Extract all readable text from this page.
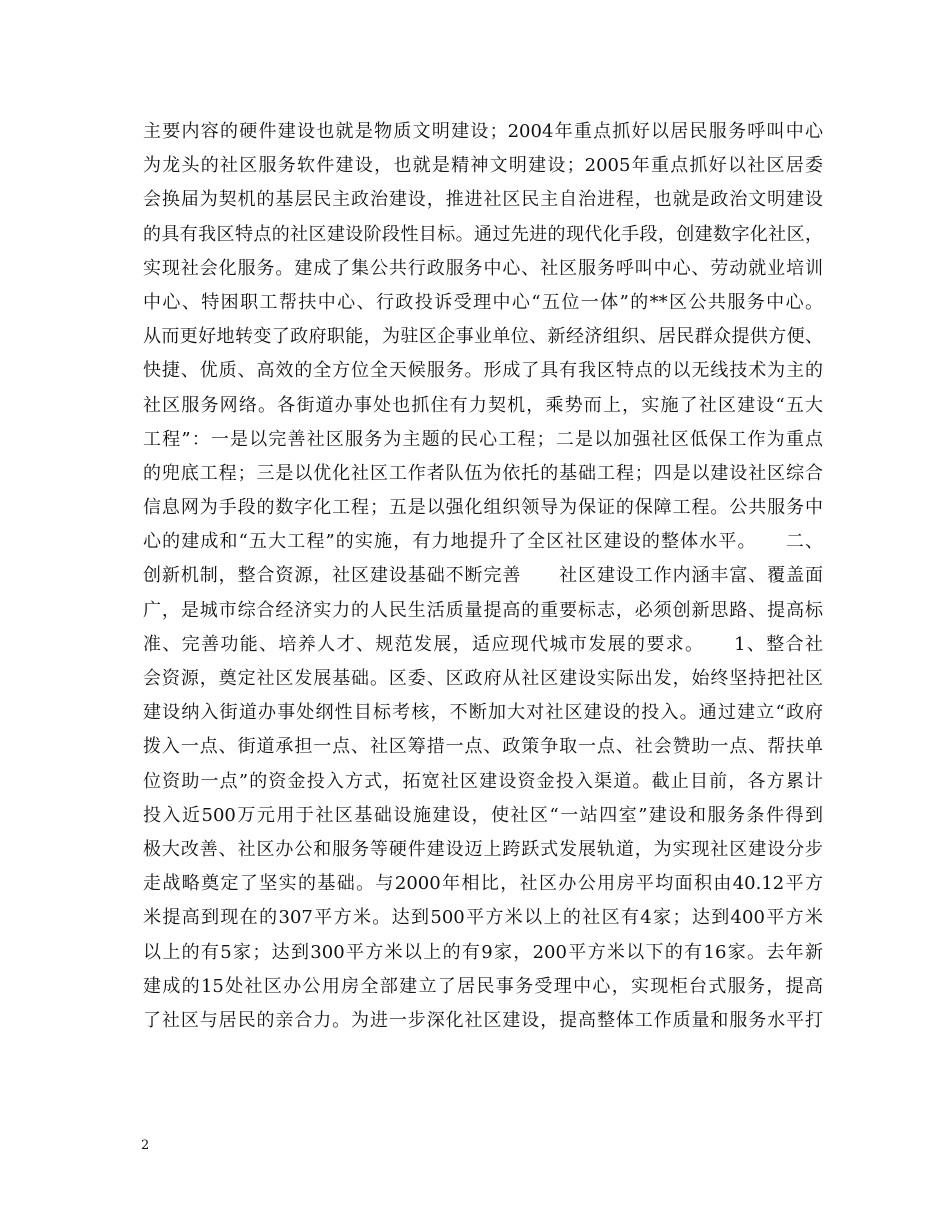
主要内容的硬件建设也就是物质文明建设；2004年重点抓好以居民服务呼叫中心
为龙头的社区服务软件建设，也就是精神文明建设；2005年重点抓好以社区居委
会换届为契机的基层民主政治建设，推进社区民主自治进程，也就是政治文明建设
的具有我区特点的社区建设阶段性目标。通过先进的现代化手段，创建数字化社区，
实现社会化服务。建成了集公共行政服务中心、社区服务呼叫中心、劳动就业培训
中心、特困职工帮扶中心、行政投诉受理中心“五位一体”的**区公共服务中心。
从而更好地转变了政府职能，为驻区企事业单位、新经济组织、居民群众提供方便、
快捷、优质、高效的全方位全天候服务。形成了具有我区特点的以无线技术为主的
社区服务网络。各街道办事处也抓住有力契机，乘势而上，实施了社区建设“五大
工程”：一是以完善社区服务为主题的民心工程；二是以加强社区低保工作为重点
的兜底工程；三是以优化社区工作者队伍为依托的基础工程；四是以建设社区综合
信息网为手段的数字化工程；五是以强化组织领导为保证的保障工程。公共服务中
心的建成和“五大工程”的实施，有力地提升了全区社区建设的整体水平。　　二、
创新机制，整合资源，社区建设基础不断完善　　社区建设工作内涵丰富、覆盖面
广，是城市综合经济实力的人民生活质量提高的重要标志，必须创新思路、提高标
准、完善功能、培养人才、规范发展，适应现代城市发展的要求。　　1、整合社
会资源，奠定社区发展基础。区委、区政府从社区建设实际出发，始终坚持把社区
建设纳入街道办事处纲性目标考核，不断加大对社区建设的投入。通过建立“政府
拨入一点、街道承担一点、社区筹措一点、政策争取一点、社会赞助一点、帮扶单
位资助一点”的资金投入方式，拓宽社区建设资金投入渠道。截止目前，各方累计
投入近500万元用于社区基础设施建设，使社区“一站四室”建设和服务条件得到
极大改善、社区办公和服务等硬件建设迈上跨跃式发展轨道，为实现社区建设分步
走战略奠定了坚实的基础。与2000年相比，社区办公用房平均面积由40.12平方
米提高到现在的307平方米。达到500平方米以上的社区有4家；达到400平方米
以上的有5家；达到300平方米以上的有9家，200平方米以下的有16家。去年新
建成的15处社区办公用房全部建立了居民事务受理中心，实现柜台式服务，提高
了社区与居民的亲合力。为进一步深化社区建设，提高整体工作质量和服务水平打
2
